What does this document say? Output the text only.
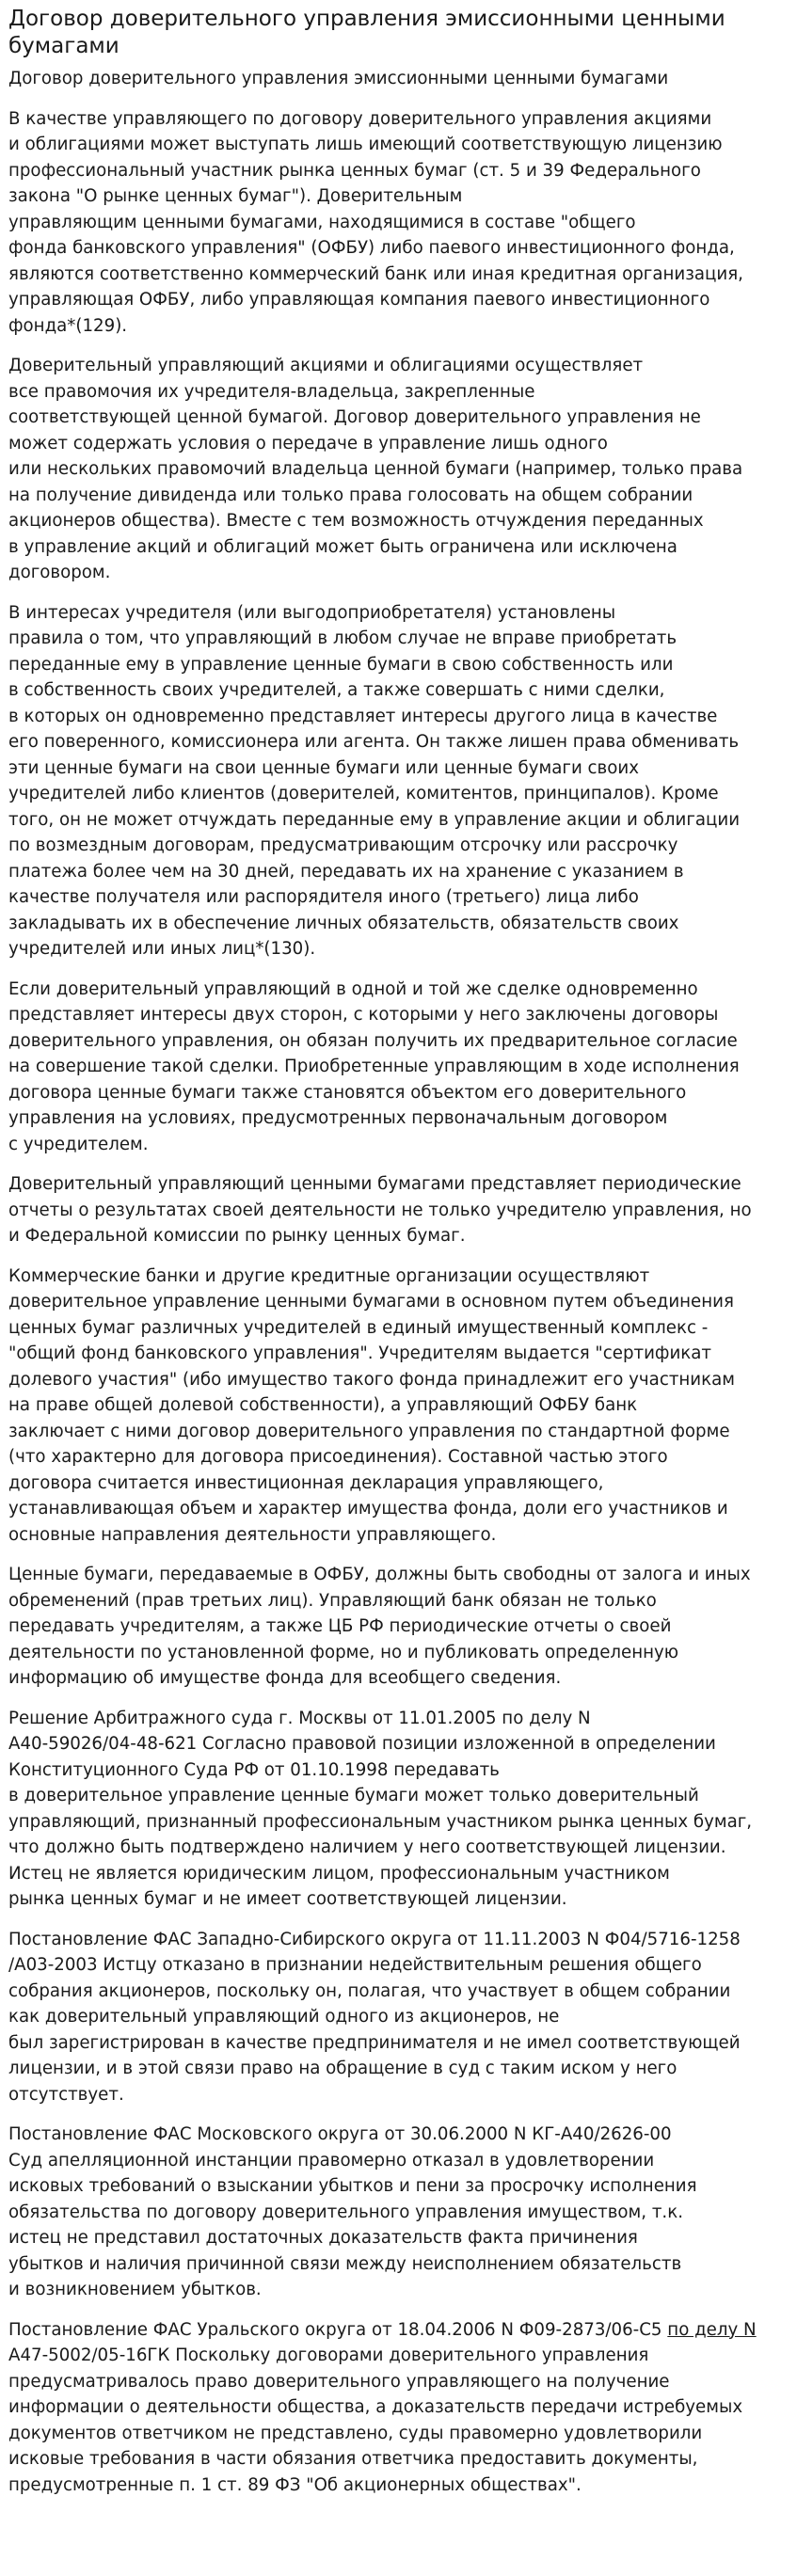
Договор доверительного управления эмиссионными ценными бумагами
Договор доверительного управления эмиссионными ценными бумагами

В качестве управляющего по договору доверительного управления акциями
и облигациями может выступать лишь имеющий соответствующую лицензию
профессиональный участник рынка ценных бумаг (ст. 5 и 39 Федерального
закона "О рынке ценных бумаг"). Доверительным
управляющим ценными бумагами, находящимися в составе "общего
фонда банковского управления" (ОФБУ) либо паевого инвестиционного фонда,
являются соответственно коммерческий банк или иная кредитная организация,
управляющая ОФБУ, либо управляющая компания паевого инвестиционного
фонда*(129).

Доверительный управляющий акциями и облигациями осуществляет
все правомочия их учредителя-владельца, закрепленные
соответствующей ценной бумагой. Договор доверительного управления не
может содержать условия о передаче в управление лишь одного
или нескольких правомочий владельца ценной бумаги (например, только права
на получение дивиденда или только права голосовать на общем собрании
акционеров общества). Вместе с тем возможность отчуждения переданных
в управление акций и облигаций может быть ограничена или исключена
договором.

В интересах учредителя (или выгодоприобретателя) установлены
правила о том, что управляющий в любом случае не вправе приобретать
переданные ему в управление ценные бумаги в свою собственность или
в собственность своих учредителей, а также совершать с ними сделки,
в которых он одновременно представляет интересы другого лица в качестве
его поверенного, комиссионера или агента. Он также лишен права обменивать
эти ценные бумаги на свои ценные бумаги или ценные бумаги своих
учредителей либо клиентов (доверителей, комитентов, принципалов). Кроме
того, он не может отчуждать переданные ему в управление акции и облигации
по возмездным договорам, предусматривающим отсрочку или рассрочку
платежа более чем на 30 дней, передавать их на хранение с указанием в
качестве получателя или распорядителя иного (третьего) лица либо
закладывать их в обеспечение личных обязательств, обязательств своих
учредителей или иных лиц*(130).

Если доверительный управляющий в одной и той же сделке одновременно
представляет интересы двух сторон, с которыми у него заключены договоры
доверительного управления, он обязан получить их предварительное согласие
на совершение такой сделки. Приобретенные управляющим в ходе исполнения
договора ценные бумаги также становятся объектом его доверительного
управления на условиях, предусмотренных первоначальным договором
с учредителем.

Доверительный управляющий ценными бумагами представляет периодические
отчеты о результатах своей деятельности не только учредителю управления, но
и Федеральной комиссии по рынку ценных бумаг.

Коммерческие банки и другие кредитные организации осуществляют
доверительное управление ценными бумагами в основном путем объединения
ценных бумаг различных учредителей в единый имущественный комплекс -
"общий фонд банковского управления". Учредителям выдается "сертификат
долевого участия" (ибо имущество такого фонда принадлежит его участникам
на праве общей долевой собственности), а управляющий ОФБУ банк
заключает с ними договор доверительного управления по стандартной форме
(что характерно для договора присоединения). Составной частью этого
договора считается инвестиционная декларация управляющего,
устанавливающая объем и характер имущества фонда, доли его участников и
основные направления деятельности управляющего.

Ценные бумаги, передаваемые в ОФБУ, должны быть свободны от залога и иных
обременений (прав третьих лиц). Управляющий банк обязан не только
передавать учредителям, а также ЦБ РФ периодические отчеты о своей
деятельности по установленной форме, но и публиковать определенную
информацию об имуществе фонда для всеобщего сведения.

Решение Арбитражного суда г. Москвы от 11.01.2005 по делу N
А40-59026/04-48-621 Согласно правовой позиции изложенной в определении
Конституционного Суда РФ от 01.10.1998 передавать
в доверительное управление ценные бумаги может только доверительный
управляющий, признанный профессиональным участником рынка ценных бумаг,
что должно быть подтверждено наличием у него соответствующей лицензии.
Истец не является юридическим лицом, профессиональным участником
рынка ценных бумаг и не имеет соответствующей лицензии.

Постановление ФАС Западно-Сибирского округа от 11.11.2003 N Ф04/5716-1258
/А03-2003 Истцу отказано в признании недействительным решения общего
собрания акционеров, поскольку он, полагая, что участвует в общем собрании
как доверительный управляющий одного из акционеров, не
был зарегистрирован в качестве предпринимателя и не имел соответствующей
лицензии, и в этой связи право на обращение в суд с таким иском у него
отсутствует.

Постановление ФАС Московского округа от 30.06.2000 N КГ-А40/2626-00
Суд апелляционной инстанции правомерно отказал в удовлетворении
исковых требований о взыскании убытков и пени за просрочку исполнения
обязательства по договору доверительного управления имуществом, т.к.
истец не представил достаточных доказательств факта причинения
убытков и наличия причинной связи между неисполнением обязательств
и возникновением убытков.

Постановление ФАС Уральского округа от 18.04.2006 N Ф09-2873/06-С5 по делу N
А47-5002/05-16ГК Поскольку договорами доверительного управления
предусматривалось право доверительного управляющего на получение
информации о деятельности общества, а доказательств передачи истребуемых
документов ответчиком не представлено, суды правомерно удовлетворили
исковые требования в части обязания ответчика предоставить документы,
предусмотренные п. 1 ст. 89 ФЗ "Об акционерных обществах".
